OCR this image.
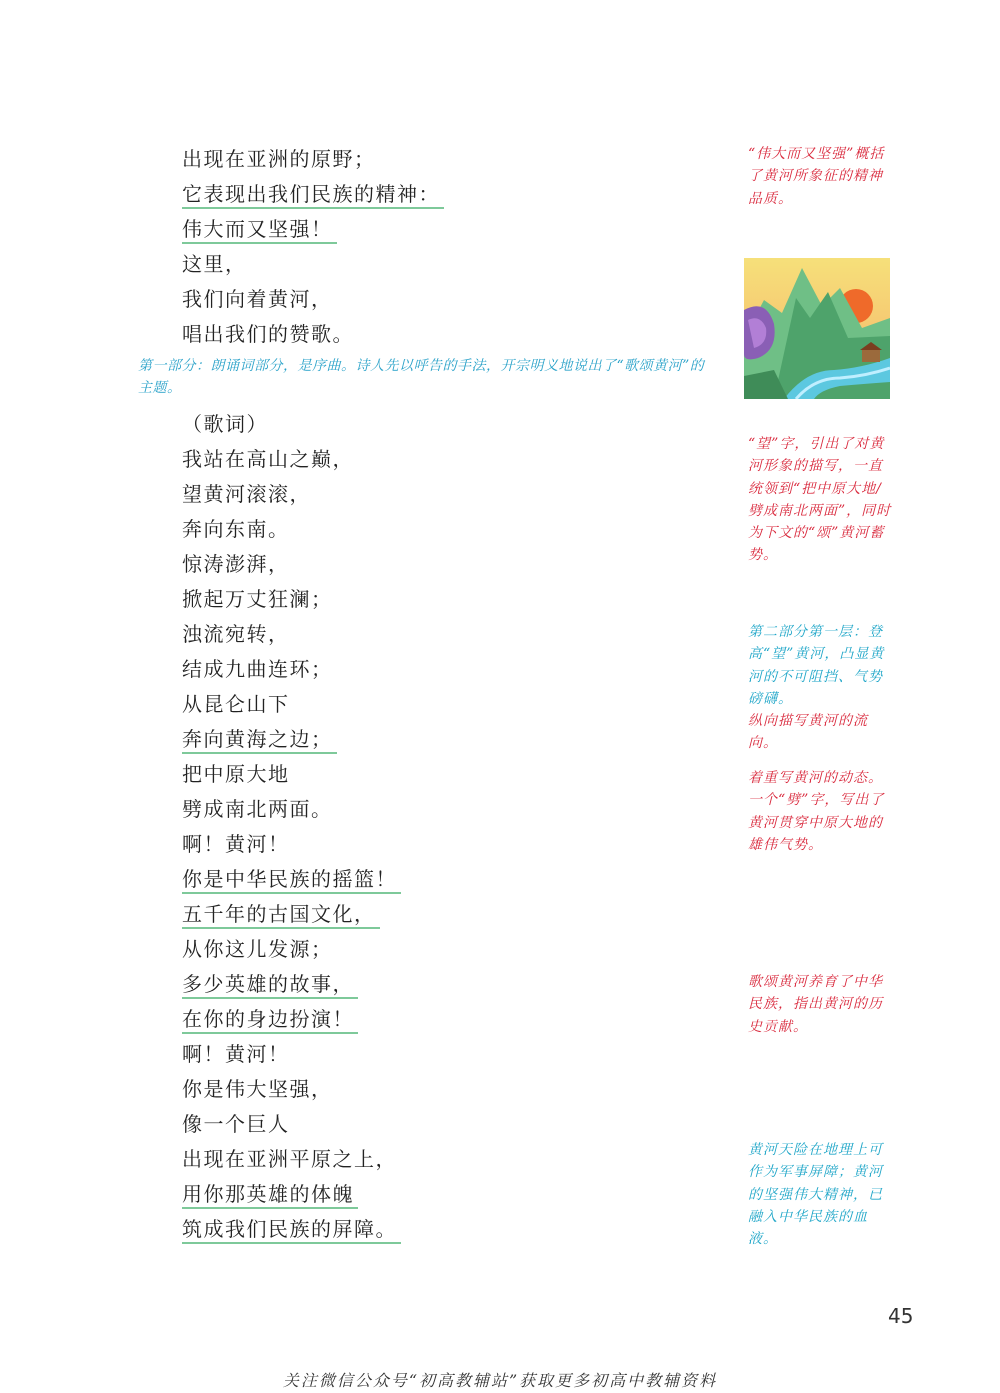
出现在亚洲的原野；
它表现出我们民族的精神：
伟大而又坚强！
这里，
我们向着黄河，
唱出我们的赞歌。
第一部分：朗诵词部分，是序曲。诗人先以呼告的手法，开宗明义地说出了“歌颂黄河”的主题。
（歌词）
我站在高山之巅，
望黄河滚滚，
奔向东南。
惊涛澎湃，
掀起万丈狂澜；
浊流宛转，
结成九曲连环；
从昆仑山下
奔向黄海之边；
把中原大地
劈成南北两面。
啊！黄河！
你是中华民族的摇篮！
五千年的古国文化，
从你这儿发源；
多少英雄的故事，
在你的身边扮演！
啊！黄河！
你是伟大坚强，
像一个巨人
出现在亚洲平原之上，
用你那英雄的体魄
筑成我们民族的屏障。
“伟大而又坚强”概括了黄河所象征的精神品质。
“望”字，引出了对黄河形象的描写，一直统领到“把中原大地/劈成南北两面”，同时为下文的“颂”黄河蓄势。
第二部分第一层：登高“望”黄河，凸显黄河的不可阻挡、气势磅礴。
纵向描写黄河的流向。
着重写黄河的动态。一个“劈”字，写出了黄河贯穿中原大地的雄伟气势。
歌颂黄河养育了中华民族，指出黄河的历史贡献。
黄河天险在地理上可作为军事屏障；黄河的坚强伟大精神，已融入中华民族的血液。
45
关注微信公众号“初高教辅站”获取更多初高中教辅资料
